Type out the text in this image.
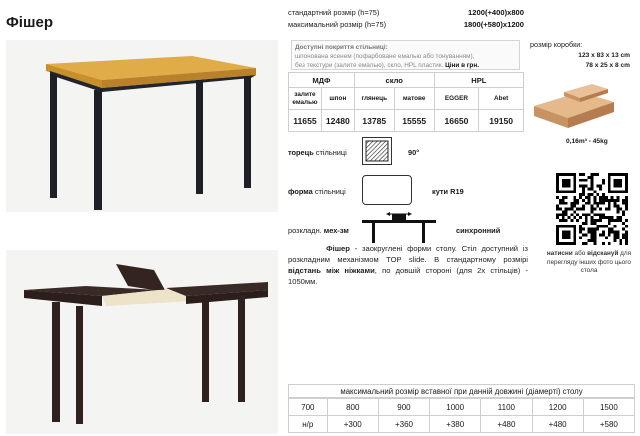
Фішер
стандартний розмір (h=75)	1200(+400)х800
максимальний розмір (h=75)	1800(+580)х1200
Доступні покриття стільниці:
шпонована ясенем (пофарбоване емалью або тонуванням),
без текстури (залите емалью), скло, HPL пластик. Ціни в грн.
МДФ		скло		HPL	
залите емалью	шпон	глянець	матове	EGGER	Abet
11655	12480	13785	15555	16650	19150
торець стільниці	90°
форма стільниці	кути R19
розкладн. мех-зм	синхронний
Фішер - заокруглені форми столу. Стіл доступний із розкладним механізмом TOP slide. В стандартному розмірі відстань між ніжками, по довшій стороні (для 2х стільців) - 1050мм.
розмір коробки:
123 х 83 х 13 cm
78 х 25 х 8 cm
0,16m³ - 45kg
натисни або відскануй для перегляду інших фото цього стола
максимальний розмір вставної при данній довжині (діамерті) столу
700	800	900	1000	1100	1200	1500
н/р	+300	+360	+380	+480	+480	+580
